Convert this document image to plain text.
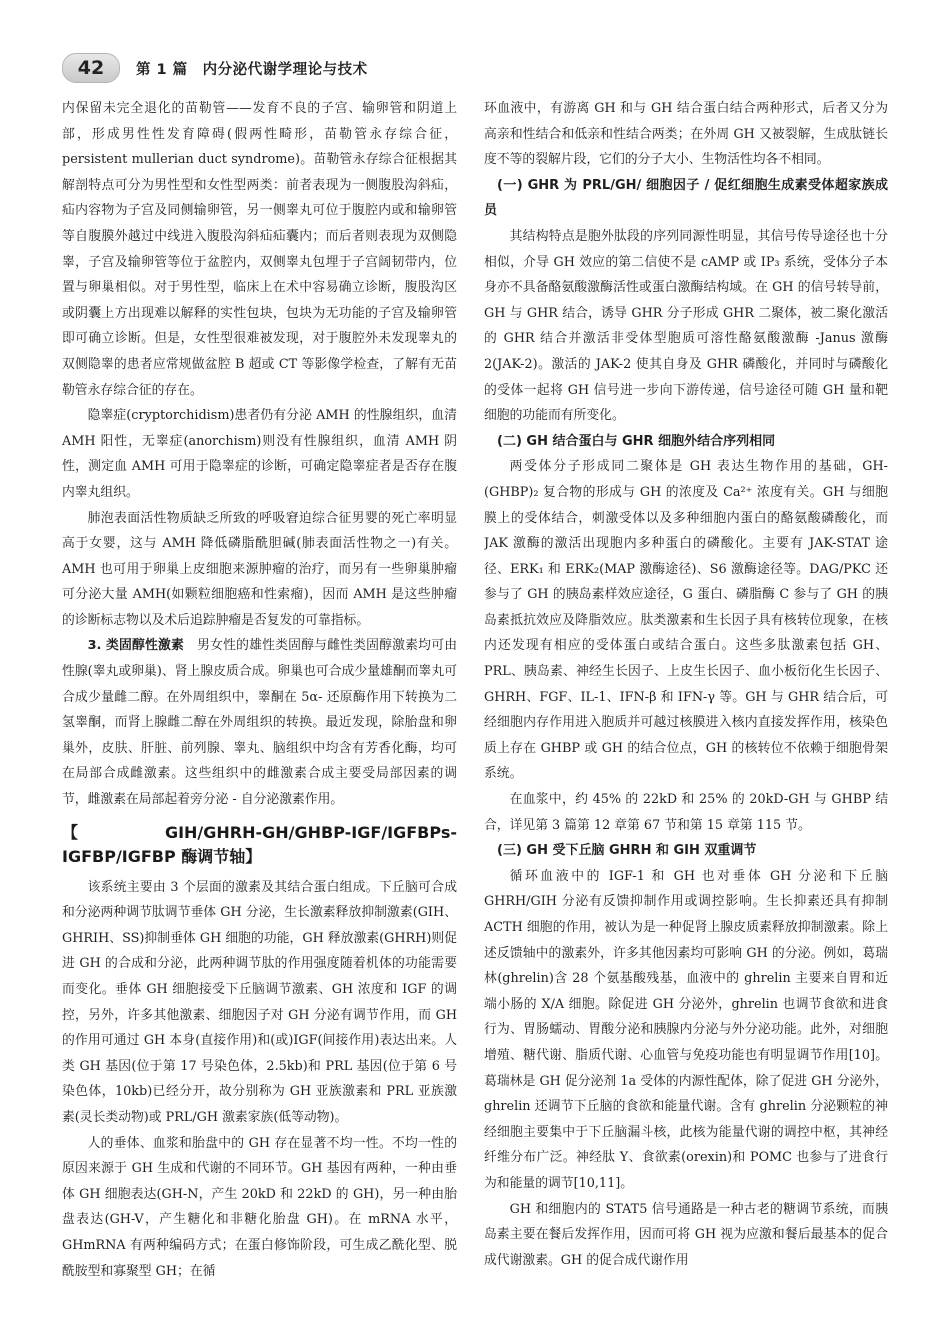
42	第 1 篇　内分泌代谢学理论与技术

内保留未完全退化的苗勒管——发育不良的子宫、输卵管和阴道上部，形成男性性发育障碍(假两性畸形，苗勒管永存综合征，persistent mullerian duct syndrome)。苗勒管永存综合征根据其解剖特点可分为男性型和女性型两类：前者表现为一侧腹股沟斜疝，疝内容物为子宫及同侧输卵管，另一侧睾丸可位于腹腔内或和输卵管等自腹膜外越过中线进入腹股沟斜疝疝囊内；而后者则表现为双侧隐睾，子宫及输卵管等位于盆腔内，双侧睾丸包埋于子宫阔韧带内，位置与卵巢相似。对于男性型，临床上在术中容易确立诊断，腹股沟区或阴囊上方出现难以解释的实性包块，包块为无功能的子宫及输卵管即可确立诊断。但是，女性型很难被发现，对于腹腔外未发现睾丸的双侧隐睾的患者应常规做盆腔 B 超或 CT 等影像学检查，了解有无苗勒管永存综合征的存在。

隐睾症(cryptorchidism)患者仍有分泌 AMH 的性腺组织，血清 AMH 阳性，无睾症(anorchism)则没有性腺组织，血清 AMH 阴性，测定血 AMH 可用于隐睾症的诊断，可确定隐睾症者是否存在腹内睾丸组织。

肺泡表面活性物质缺乏所致的呼吸窘迫综合征男婴的死亡率明显高于女婴，这与 AMH 降低磷脂酰胆碱(肺表面活性物之一)有关。AMH 也可用于卵巢上皮细胞来源肿瘤的治疗，而另有一些卵巢肿瘤可分泌大量 AMH(如颗粒细胞癌和性索瘤)，因而 AMH 是这些肿瘤的诊断标志物以及术后追踪肿瘤是否复发的可靠指标。

3. 类固醇性激素　 男女性的雄性类固醇与雌性类固醇激素均可由性腺(睾丸或卵巢)、肾上腺皮质合成。卵巢也可合成少量雄酮而睾丸可合成少量雌二醇。在外周组织中，睾酮在 5α- 还原酶作用下转换为二氢睾酮，而肾上腺雌二醇在外周组织的转换。最近发现，除胎盘和卵巢外，皮肤、肝脏、前列腺、睾丸、脑组织中均含有芳香化酶，均可在局部合成雌激素。这些组织中的雌激素合成主要受局部因素的调节，雌激素在局部起着旁分泌 - 自分泌激素作用。

【GIH/GHRH-GH/GHBP-IGF/IGFBPs-IGFBP/IGFBP 酶调节轴】

该系统主要由 3 个层面的激素及其结合蛋白组成。下丘脑可合成和分泌两种调节肽调节垂体 GH 分泌，生长激素释放抑制激素(GIH、GHRIH、SS)抑制垂体 GH 细胞的功能，GH 释放激素(GHRH)则促进 GH 的合成和分泌，此两种调节肽的作用强度随着机体的功能需要而变化。垂体 GH 细胞接受下丘脑调节激素、GH 浓度和 IGF 的调控，另外，许多其他激素、细胞因子对 GH 分泌有调节作用，而 GH 的作用可通过 GH 本身(直接作用)和(或)IGF(间接作用)表达出来。人类 GH 基因(位于第 17 号染色体，2.5kb)和 PRL 基因(位于第 6 号染色体，10kb)已经分开，故分别称为 GH 亚族激素和 PRL 亚族激素(灵长类动物)或 PRL/GH 激素家族(低等动物)。

人的垂体、血浆和胎盘中的 GH 存在显著不均一性。不均一性的原因来源于 GH 生成和代谢的不同环节。GH 基因有两种，一种由垂体 GH 细胞表达(GH-N，产生 20kD 和 22kD 的 GH)，另一种由胎盘表达(GH-V，产生糖化和非糖化胎盘 GH)。在 mRNA 水平，GHmRNA 有两种编码方式；在蛋白修饰阶段，可生成乙酰化型、脱酰胺型和寡聚型 GH；在循

环血液中，有游离 GH 和与 GH 结合蛋白结合两种形式，后者又分为高亲和性结合和低亲和性结合两类；在外周 GH 又被裂解，生成肽链长度不等的裂解片段，它们的分子大小、生物活性均各不相同。

(一) GHR 为 PRL/GH/ 细胞因子 / 促红细胞生成素受体超家族成员

其结构特点是胞外肽段的序列同源性明显，其信号传导途径也十分相似，介导 GH 效应的第二信使不是 cAMP 或 IP₃ 系统，受体分子本身亦不具备酪氨酸激酶活性或蛋白激酶结构域。在 GH 的信号转导前，GH 与 GHR 结合，诱导 GHR 分子形成 GHR 二聚体，被二聚化激活的 GHR 结合并激活非受体型胞质可溶性酪氨酸激酶 -Janus 激酶 2(JAK-2)。激活的 JAK-2 使其自身及 GHR 磷酸化，并同时与磷酸化的受体一起将 GH 信号进一步向下游传递，信号途径可随 GH 量和靶细胞的功能而有所变化。

(二) GH 结合蛋白与 GHR 细胞外结合序列相同

两受体分子形成同二聚体是 GH 表达生物作用的基础，GH-(GHBP)₂ 复合物的形成与 GH 的浓度及 Ca²⁺ 浓度有关。GH 与细胞膜上的受体结合，刺激受体以及多种细胞内蛋白的酪氨酸磷酸化，而 JAK 激酶的激活出现胞内多种蛋白的磷酸化。主要有 JAK-STAT 途径、ERK₁ 和 ERK₂(MAP 激酶途径)、S6 激酶途径等。DAG/PKC 还参与了 GH 的胰岛素样效应途径，G 蛋白、磷脂酶 C 参与了 GH 的胰岛素抵抗效应及降脂效应。肽类激素和生长因子具有核转位现象，在核内还发现有相应的受体蛋白或结合蛋白。这些多肽激素包括 GH、PRL、胰岛素、神经生长因子、上皮生长因子、血小板衍化生长因子、GHRH、FGF、IL-1、IFN-β 和 IFN-γ 等。GH 与 GHR 结合后，可经细胞内存作用进入胞质并可越过核膜进入核内直接发挥作用，核染色质上存在 GHBP 或 GH 的结合位点，GH 的核转位不依赖于细胞骨架系统。

在血浆中，约 45% 的 22kD 和 25% 的 20kD-GH 与 GHBP 结合，详见第 3 篇第 12 章第 67 节和第 15 章第 115 节。

(三) GH 受下丘脑 GHRH 和 GIH 双重调节

循环血液中的 IGF-1 和 GH 也对垂体 GH 分泌和下丘脑 GHRH/GIH 分泌有反馈抑制作用或调控影响。生长抑素还具有抑制 ACTH 细胞的作用，被认为是一种促肾上腺皮质素释放抑制激素。除上述反馈轴中的激素外，许多其他因素均可影响 GH 的分泌。例如，葛瑞林(ghrelin)含 28 个氨基酸残基，血液中的 ghrelin 主要来自胃和近端小肠的 X/A 细胞。除促进 GH 分泌外，ghrelin 也调节食欲和进食行为、胃肠蠕动、胃酸分泌和胰腺内分泌与外分泌功能。此外，对细胞增殖、糖代谢、脂质代谢、心血管与免疫功能也有明显调节作用[10]。葛瑞林是 GH 促分泌剂 1a 受体的内源性配体，除了促进 GH 分泌外，ghrelin 还调节下丘脑的食欲和能量代谢。含有 ghrelin 分泌颗粒的神经细胞主要集中于下丘脑漏斗核，此核为能量代谢的调控中枢，其神经纤维分布广泛。神经肽 Y、食欲素(orexin)和 POMC 也参与了进食行为和能量的调节[10,11]。

GH 和细胞内的 STAT5 信号通路是一种古老的糖调节系统，而胰岛素主要在餐后发挥作用，因而可将 GH 视为应激和餐后最基本的促合成代谢激素。GH 的促合成代谢作用
